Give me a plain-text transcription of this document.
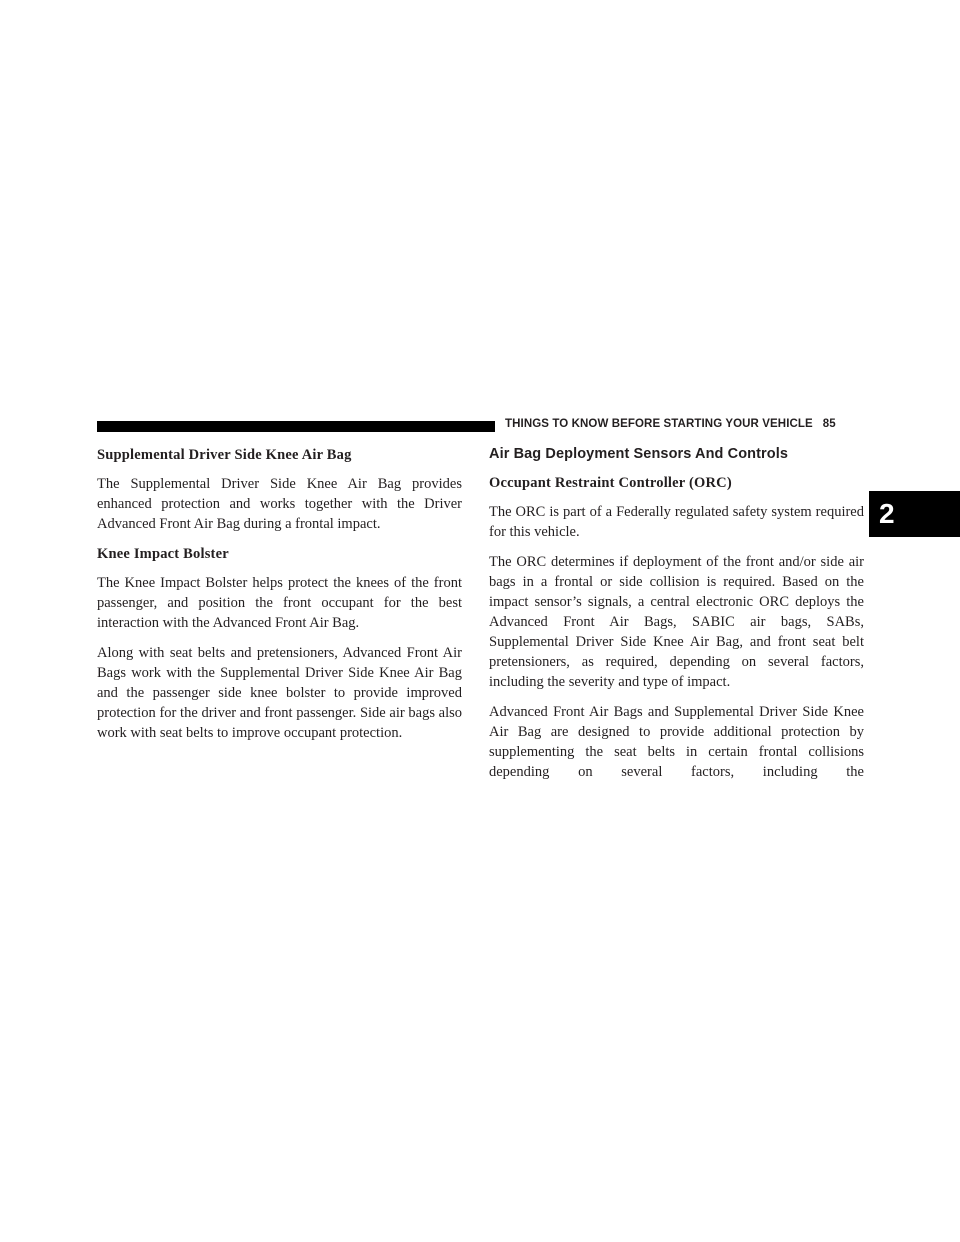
THINGS TO KNOW BEFORE STARTING YOUR VEHICLE 85
2
Supplemental Driver Side Knee Air Bag

The Supplemental Driver Side Knee Air Bag provides enhanced protection and works together with the Driver Advanced Front Air Bag during a frontal impact.

Knee Impact Bolster

The Knee Impact Bolster helps protect the knees of the front passenger, and position the front occupant for the best interaction with the Advanced Front Air Bag.

Along with seat belts and pretensioners, Advanced Front Air Bags work with the Supplemental Driver Side Knee Air Bag and the passenger side knee bolster to provide improved protection for the driver and front passenger. Side air bags also work with seat belts to improve occupant protection.

Air Bag Deployment Sensors And Controls
Occupant Restraint Controller (ORC)

The ORC is part of a Federally regulated safety system required for this vehicle.

The ORC determines if deployment of the front and/or side air bags in a frontal or side collision is required. Based on the impact sensor’s signals, a central electronic ORC deploys the Advanced Front Air Bags, SABIC air bags, SABs, Supplemental Driver Side Knee Air Bag, and front seat belt pretensioners, as required, depending on several factors, including the severity and type of impact.

Advanced Front Air Bags and Supplemental Driver Side Knee Air Bag are designed to provide additional protection by supplementing the seat belts in certain frontal collisions depending on several factors, including the
